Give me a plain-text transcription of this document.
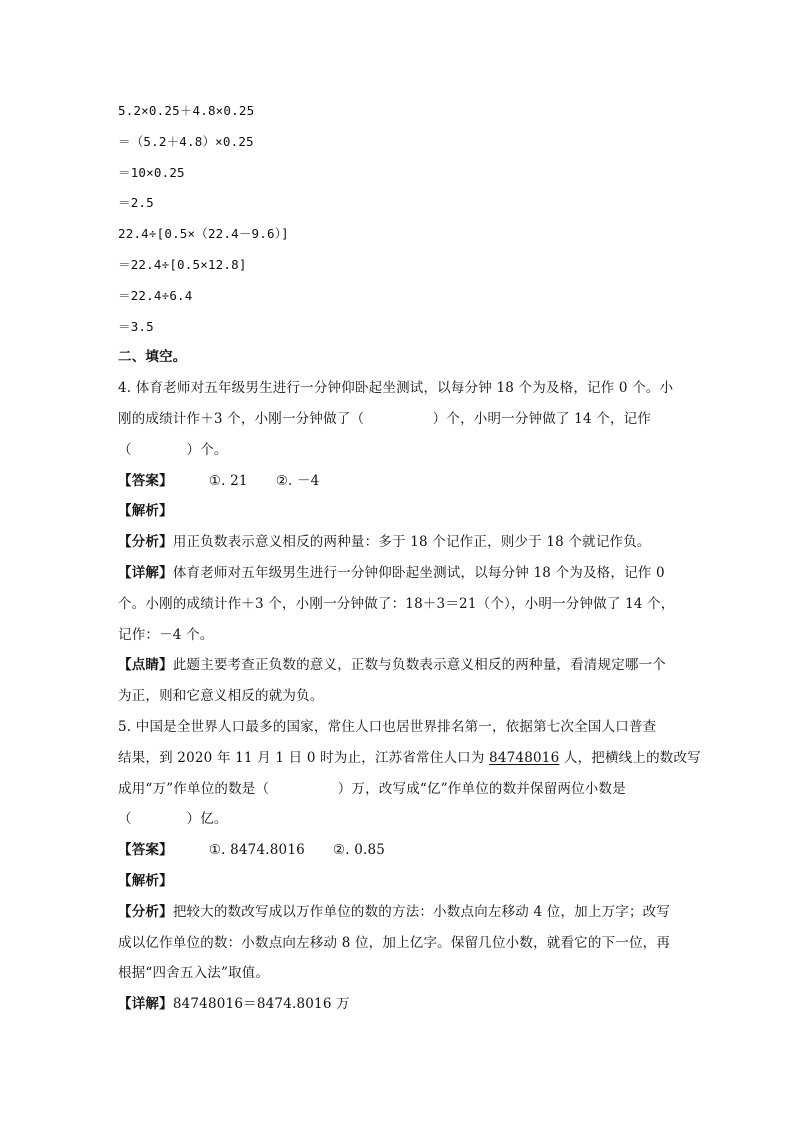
5.2×0.25＋4.8×0.25
＝（5.2＋4.8）×0.25
＝10×0.25
＝2.5
22.4÷[0.5×（22.4－9.6）]
＝22.4÷[0.5×12.8]
＝22.4÷6.4
＝3.5
二、填空。
4. 体育老师对五年级男生进行一分钟仰卧起坐测试，以每分钟 18 个为及格，记作 0 个。小
刚的成绩计作＋3 个，小刚一分钟做了（　　　　　）个，小明一分钟做了 14 个，记作
（　　　　）个。
【答案】	①. 21 ②. －4
【解析】
【分析】用正负数表示意义相反的两种量：多于 18 个记作正，则少于 18 个就记作负。
【详解】体育老师对五年级男生进行一分钟仰卧起坐测试，以每分钟 18 个为及格，记作 0
个。小刚的成绩计作＋3 个，小刚一分钟做了：18＋3＝21（个），小明一分钟做了 14 个，
记作：－4 个。
【点睛】此题主要考查正负数的意义，正数与负数表示意义相反的两种量，看清规定哪一个
为正，则和它意义相反的就为负。
5. 中国是全世界人口最多的国家，常住人口也居世界排名第一，依据第七次全国人口普查
结果，到 2020 年 11 月 1 日 0 时为止，江苏省常住人口为 84748016 人，把横线上的数改写
成用“万”作单位的数是（　　　　　）万，改写成“亿”作单位的数并保留两位小数是
（　　　　）亿。
【答案】	①. 8474.8016 ②. 0.85
【解析】
【分析】把较大的数改写成以万作单位的数的方法：小数点向左移动 4 位，加上万字；改写
成以亿作单位的数：小数点向左移动 8 位，加上亿字。保留几位小数，就看它的下一位，再
根据“四舍五入法”取值。
【详解】84748016＝8474.8016 万
